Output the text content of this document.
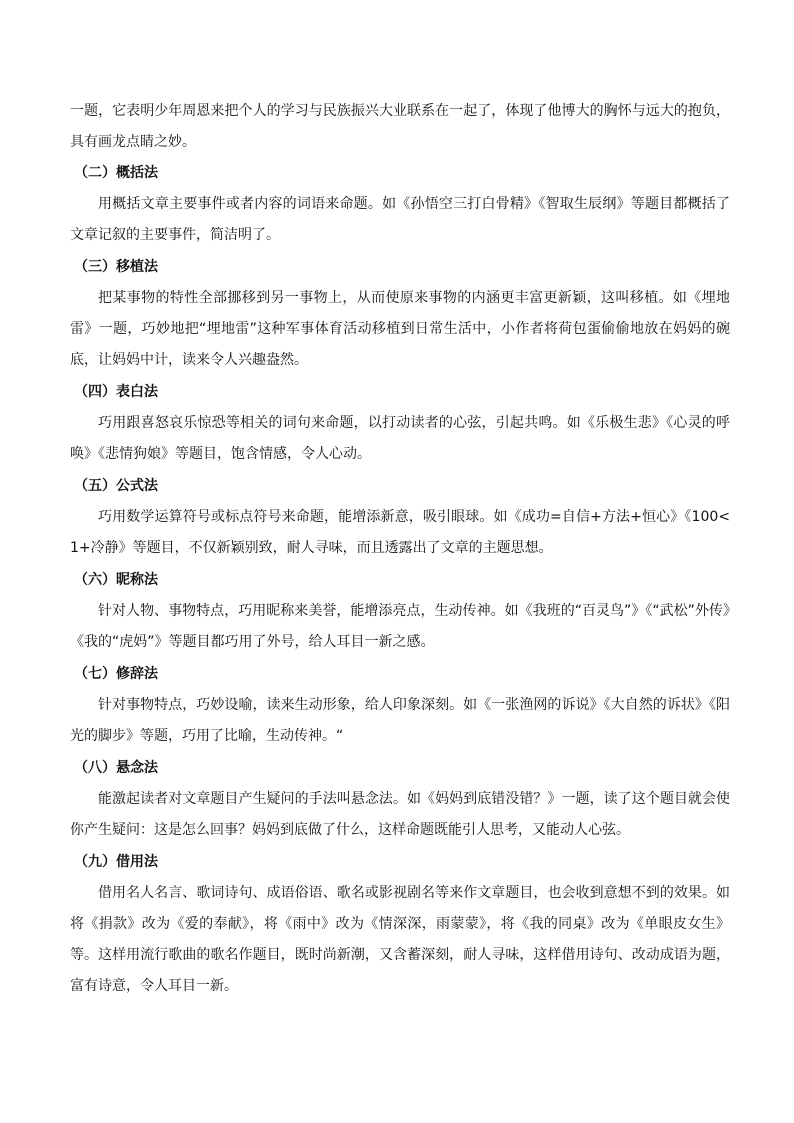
一题，它表明少年周恩来把个人的学习与民族振兴大业联系在一起了，体现了他博大的胸怀与远大的抱负，具有画龙点睛之妙。

（二）概括法

用概括文章主要事件或者内容的词语来命题。如《孙悟空三打白骨精》《智取生辰纲》等题目都概括了文章记叙的主要事件，简洁明了。

（三）移植法

把某事物的特性全部挪移到另一事物上，从而使原来事物的内涵更丰富更新颖，这叫移植。如《埋地雷》一题，巧妙地把“埋地雷”这种军事体育活动移植到日常生活中，小作者将荷包蛋偷偷地放在妈妈的碗底，让妈妈中计，读来令人兴趣盎然。

（四）表白法

巧用跟喜怒哀乐惊恐等相关的词句来命题，以打动读者的心弦，引起共鸣。如《乐极生悲》《心灵的呼唤》《悲情狗娘》等题目，饱含情感，令人心动。

（五）公式法

巧用数学运算符号或标点符号来命题，能增添新意，吸引眼球。如《成功=自信+方法+恒心》《100<1+冷静》等题目，不仅新颖别致，耐人寻味，而且透露出了文章的主题思想。

（六）昵称法

针对人物、事物特点，巧用昵称来美誉，能增添亮点，生动传神。如《我班的“百灵鸟”》《“武松”外传》《我的“虎妈”》等题目都巧用了外号，给人耳目一新之感。

（七）修辞法

针对事物特点，巧妙设喻，读来生动形象，给人印象深刻。如《一张渔网的诉说》《大自然的诉状》《阳光的脚步》等题，巧用了比喻，生动传神。“

（八）悬念法

能激起读者对文章题目产生疑问的手法叫悬念法。如《妈妈到底错没错？》一题，读了这个题目就会使你产生疑问：这是怎么回事？妈妈到底做了什么，这样命题既能引人思考，又能动人心弦。

（九）借用法

借用名人名言、歌词诗句、成语俗语、歌名或影视剧名等来作文章题目，也会收到意想不到的效果。如将《捐款》改为《爱的奉献》，将《雨中》改为《情深深，雨蒙蒙》，将《我的同桌》改为《单眼皮女生》等。这样用流行歌曲的歌名作题目，既时尚新潮，又含蓄深刻，耐人寻味，这样借用诗句、改动成语为题，富有诗意，令人耳目一新。
